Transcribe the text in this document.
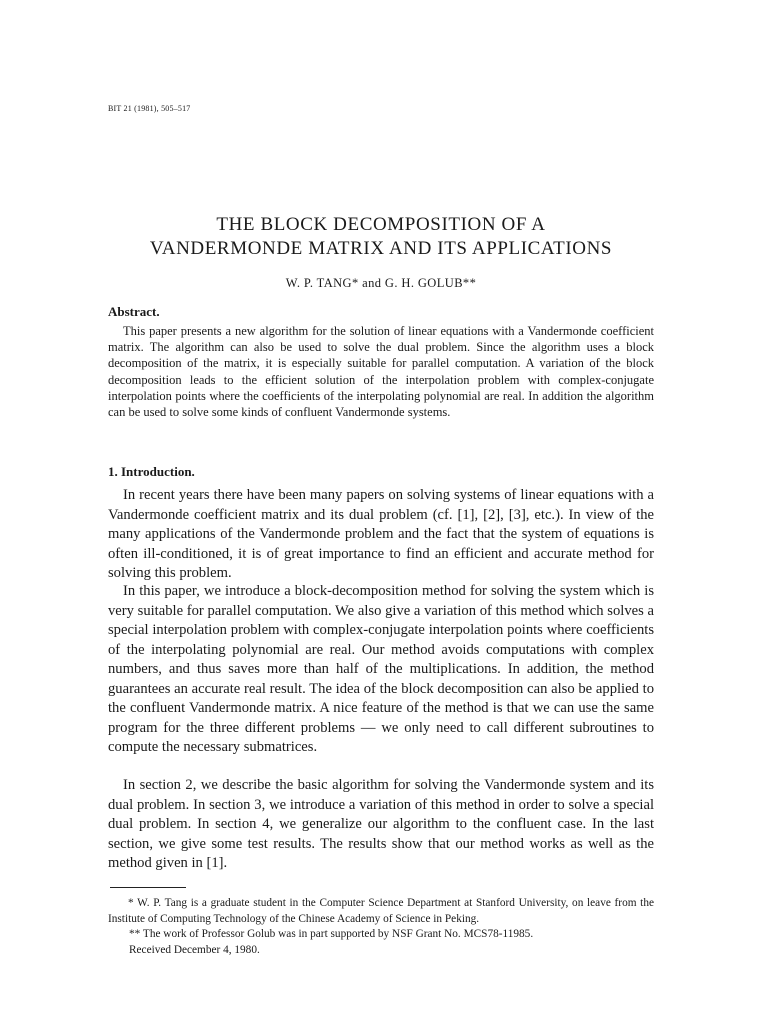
BIT 21 (1981), 505–517
THE BLOCK DECOMPOSITION OF A
VANDERMONDE MATRIX AND ITS APPLICATIONS
W. P. TANG* and G. H. GOLUB**
Abstract.

This paper presents a new algorithm for the solution of linear equations with a Vandermonde coefficient matrix. The algorithm can also be used to solve the dual problem. Since the algorithm uses a block decomposition of the matrix, it is especially suitable for parallel computation. A variation of the block decomposition leads to the efficient solution of the interpolation problem with complex-conjugate interpolation points where the coefficients of the interpolating polynomial are real. In addition the algorithm can be used to solve some kinds of confluent Vandermonde systems.

1. Introduction.

In recent years there have been many papers on solving systems of linear equations with a Vandermonde coefficient matrix and its dual problem (cf. [1], [2], [3], etc.). In view of the many applications of the Vandermonde problem and the fact that the system of equations is often ill-conditioned, it is of great importance to find an efficient and accurate method for solving this problem.

In this paper, we introduce a block-decomposition method for solving the system which is very suitable for parallel computation. We also give a variation of this method which solves a special interpolation problem with complex-conjugate interpolation points where coefficients of the interpolating polynomial are real. Our method avoids computations with complex numbers, and thus saves more than half of the multiplications. In addition, the method guarantees an accurate real result. The idea of the block decomposition can also be applied to the confluent Vandermonde matrix. A nice feature of the method is that we can use the same program for the three different problems — we only need to call different subroutines to compute the necessary submatrices.

In section 2, we describe the basic algorithm for solving the Vandermonde system and its dual problem. In section 3, we introduce a variation of this method in order to solve a special dual problem. In section 4, we generalize our algorithm to the confluent case. In the last section, we give some test results. The results show that our method works as well as the method given in [1].

* W. P. Tang is a graduate student in the Computer Science Department at Stanford University, on leave from the Institute of Computing Technology of the Chinese Academy of Science in Peking.

** The work of Professor Golub was in part supported by NSF Grant No. MCS78-11985.

Received December 4, 1980.
